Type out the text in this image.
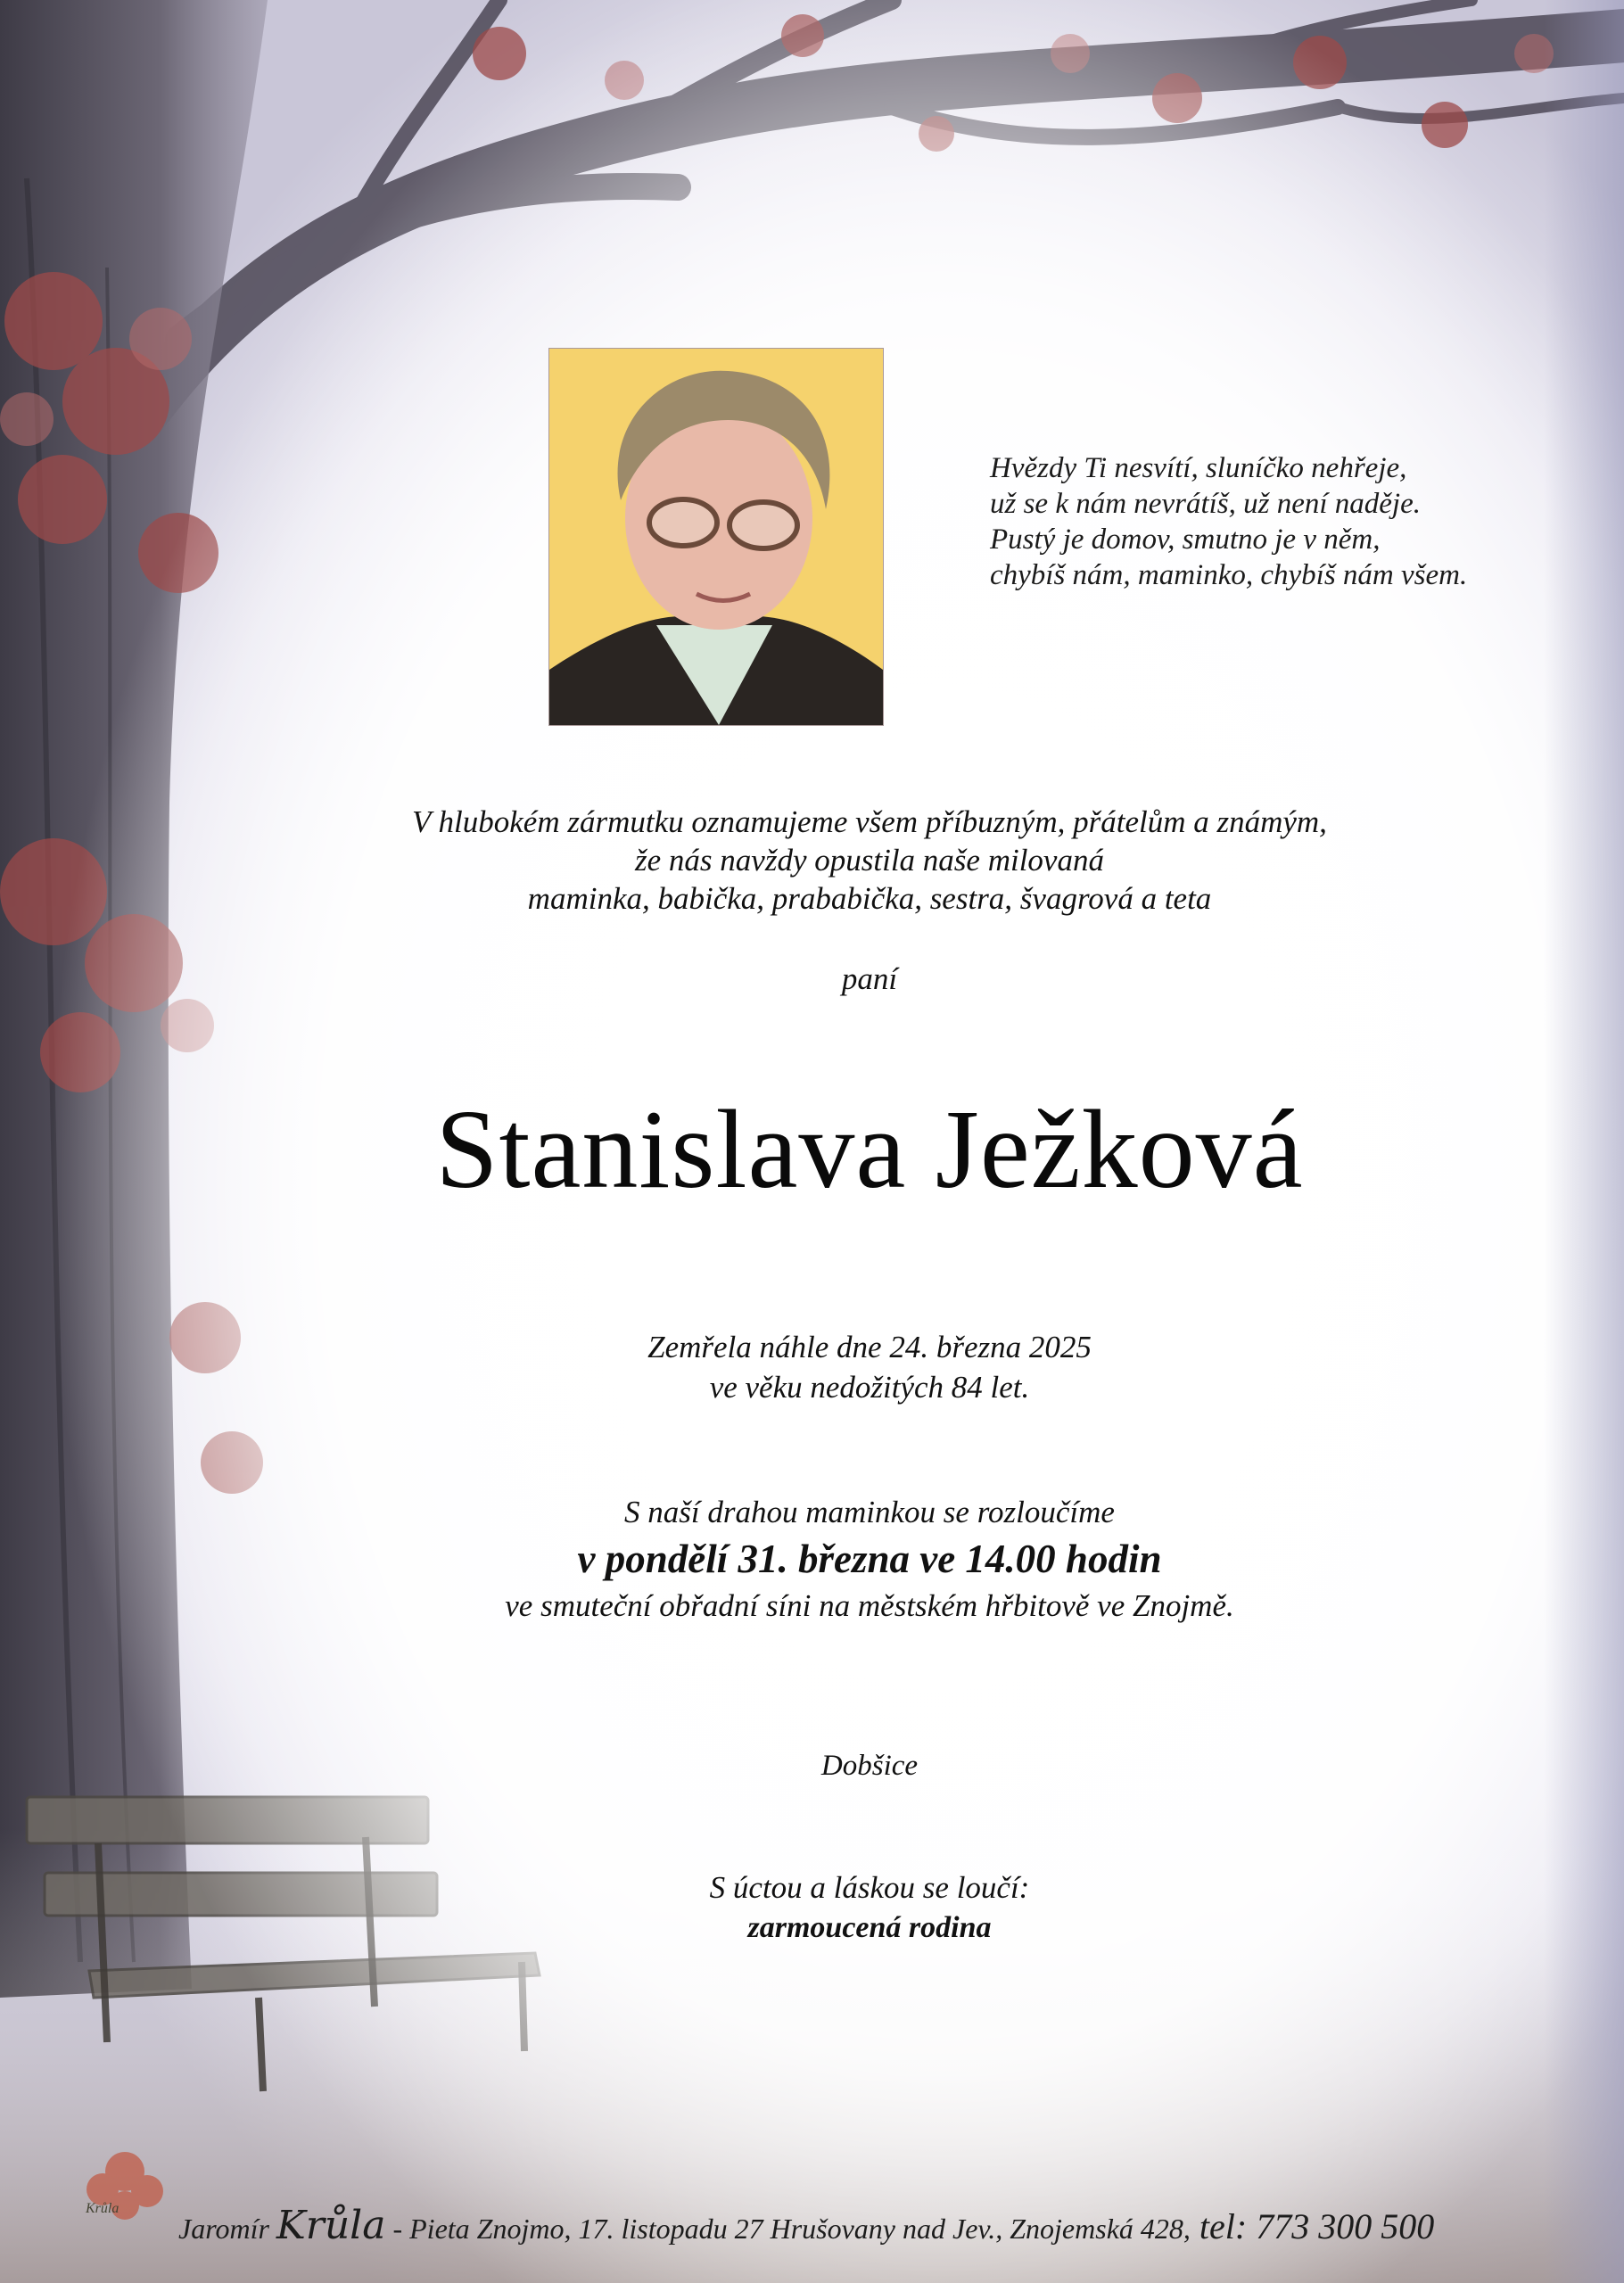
Hvězdy Ti nesvítí, sluníčko nehřeje,
už se k nám nevrátíš, už není naděje.
Pustý je domov, smutno je v něm,
chybíš nám, maminko, chybíš nám všem.
V hlubokém zármutku oznamujeme všem příbuzným, přátelům a známým,
že nás navždy opustila naše milovaná
maminka, babička, prababička, sestra, švagrová a teta
paní
Stanislava Ježková
Zemřela náhle dne 24. března 2025
ve věku nedožitých 84 let.
S naší drahou maminkou se rozloučíme
v pondělí 31. března ve 14.00 hodin
ve smuteční obřadní síni na městském hřbitově ve Znojmě.
Dobšice
S úctou a láskou se loučí:
zarmoucená rodina
Krůla
Jaromír Krůla - Pieta Znojmo, 17. listopadu 27 Hrušovany nad Jev., Znojemská 428, tel: 773 300 500
